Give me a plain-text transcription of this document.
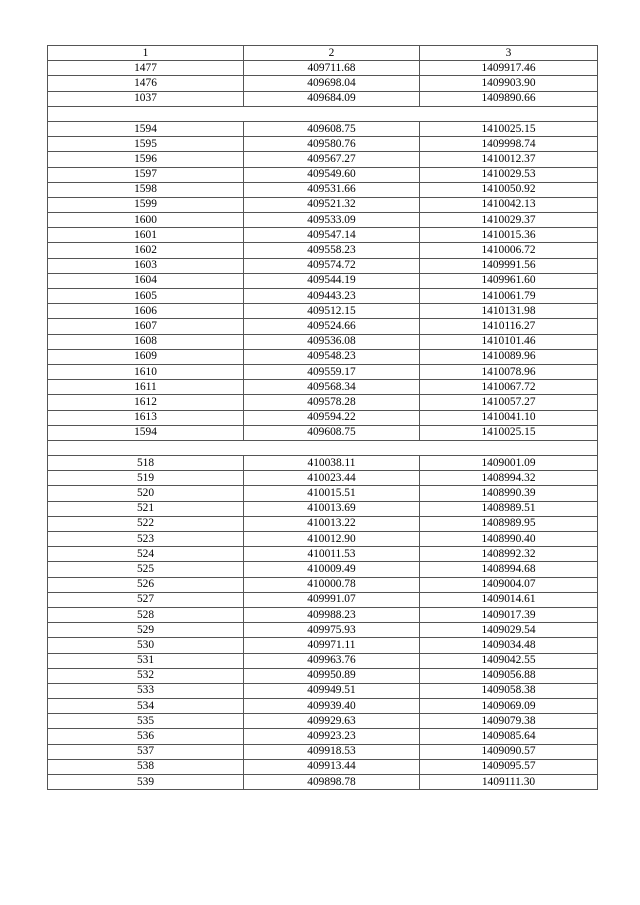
1	2	3
1477	409711.68	1409917.46
1476	409698.04	1409903.90
1037	409684.09	1409890.66

1594	409608.75	1410025.15
1595	409580.76	1409998.74
1596	409567.27	1410012.37
1597	409549.60	1410029.53
1598	409531.66	1410050.92
1599	409521.32	1410042.13
1600	409533.09	1410029.37
1601	409547.14	1410015.36
1602	409558.23	1410006.72
1603	409574.72	1409991.56
1604	409544.19	1409961.60
1605	409443.23	1410061.79
1606	409512.15	1410131.98
1607	409524.66	1410116.27
1608	409536.08	1410101.46
1609	409548.23	1410089.96
1610	409559.17	1410078.96
1611	409568.34	1410067.72
1612	409578.28	1410057.27
1613	409594.22	1410041.10
1594	409608.75	1410025.15

518	410038.11	1409001.09
519	410023.44	1408994.32
520	410015.51	1408990.39
521	410013.69	1408989.51
522	410013.22	1408989.95
523	410012.90	1408990.40
524	410011.53	1408992.32
525	410009.49	1408994.68
526	410000.78	1409004.07
527	409991.07	1409014.61
528	409988.23	1409017.39
529	409975.93	1409029.54
530	409971.11	1409034.48
531	409963.76	1409042.55
532	409950.89	1409056.88
533	409949.51	1409058.38
534	409939.40	1409069.09
535	409929.63	1409079.38
536	409923.23	1409085.64
537	409918.53	1409090.57
538	409913.44	1409095.57
539	409898.78	1409111.30
